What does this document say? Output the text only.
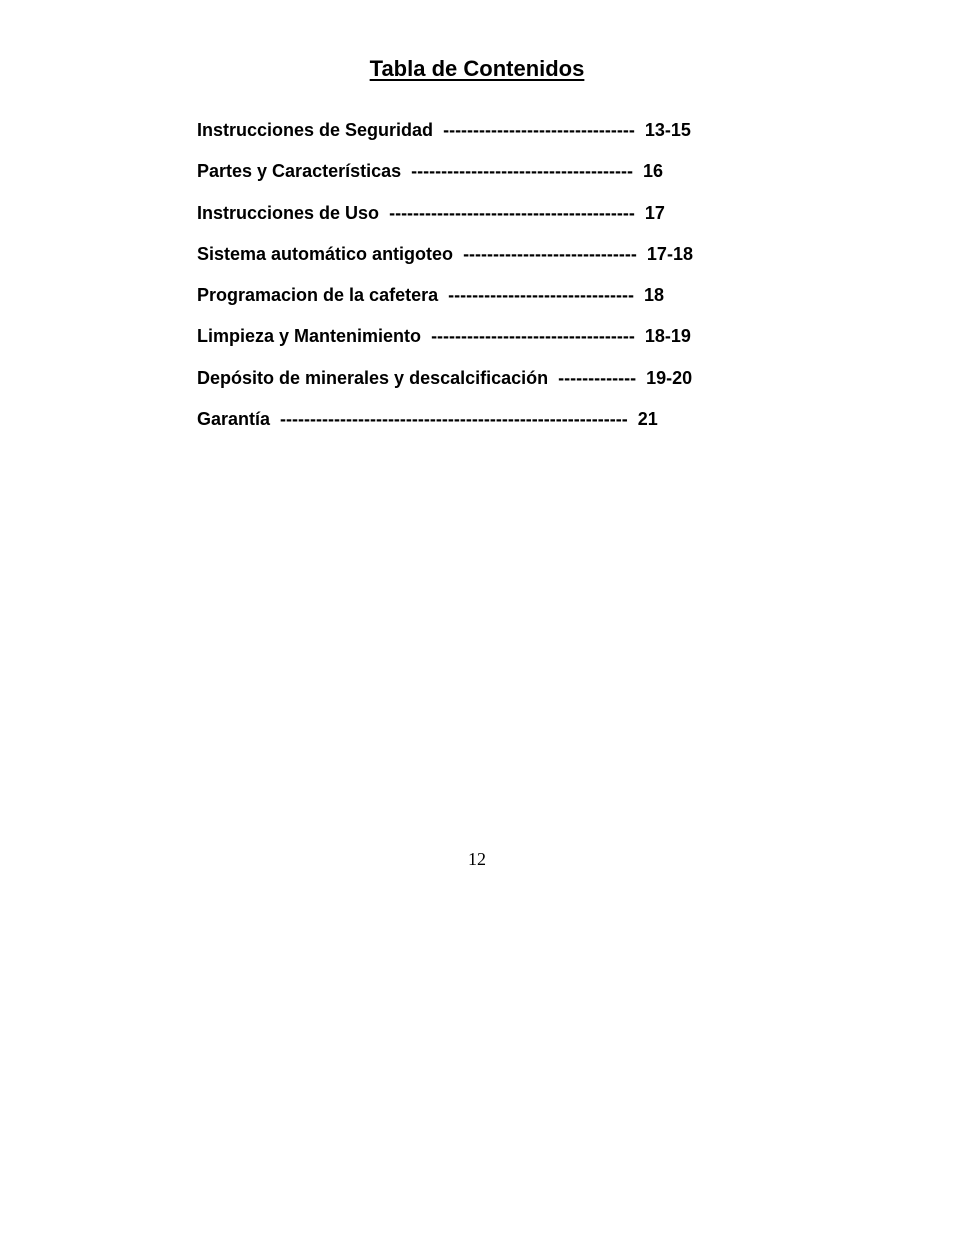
Tabla de Contenidos
Instrucciones de Seguridad -------------------------------- 13-15
Partes y Características ------------------------------------- 16
Instrucciones de Uso ----------------------------------------- 17
Sistema automático antigoteo ----------------------------- 17-18
Programacion de la cafetera ------------------------------- 18
Limpieza y Mantenimiento ---------------------------------- 18-19
Depósito de minerales y descalcificación ------------- 19-20
Garantía ---------------------------------------------------------- 21

12
